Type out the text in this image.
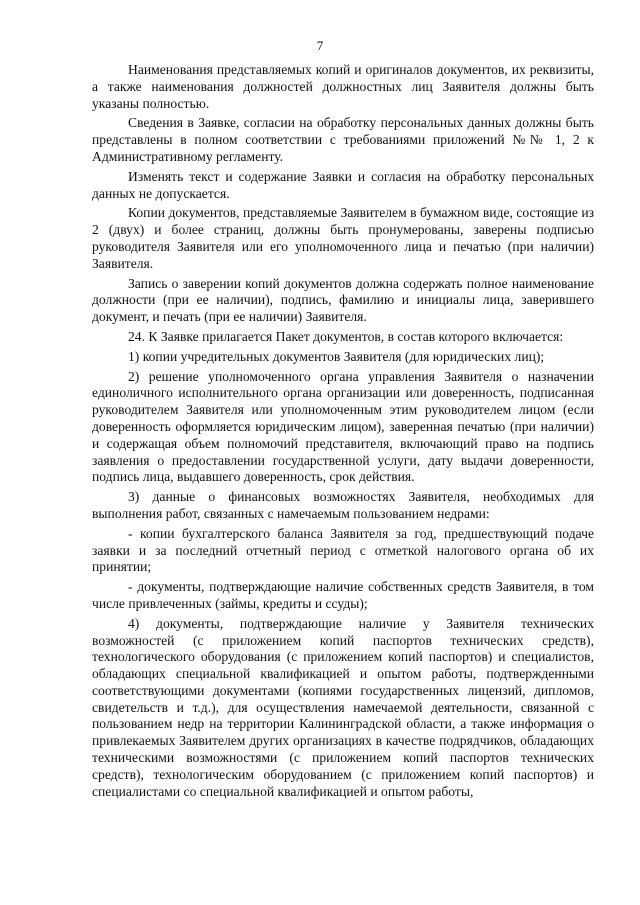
7

Наименования представляемых копий и оригиналов документов, их реквизиты, а также наименования должностей должностных лиц Заявителя должны быть указаны полностью.

Сведения в Заявке, согласии на обработку персональных данных должны быть представлены в полном соответствии с требованиями приложений №№ 1, 2 к Административному регламенту.

Изменять текст и содержание Заявки и согласия на обработку персональных данных не допускается.

Копии документов, представляемые Заявителем в бумажном виде, состоящие из 2 (двух) и более страниц, должны быть пронумерованы, заверены подписью руководителя Заявителя или его уполномоченного лица и печатью (при наличии) Заявителя.

Запись о заверении копий документов должна содержать полное наименование должности (при ее наличии), подпись, фамилию и инициалы лица, заверившего документ, и печать (при ее наличии) Заявителя.

24. К Заявке прилагается Пакет документов, в состав которого включается:

1) копии учредительных документов Заявителя (для юридических лиц);

2) решение уполномоченного органа управления Заявителя о назначении единоличного исполнительного органа организации или доверенность, подписанная руководителем Заявителя или уполномоченным этим руководителем лицом (если доверенность оформляется юридическим лицом), заверенная печатью (при наличии) и содержащая объем полномочий представителя, включающий право на подпись заявления о предоставлении государственной услуги, дату выдачи доверенности, подпись лица, выдавшего доверенность, срок действия.

3) данные о финансовых возможностях Заявителя, необходимых для выполнения работ, связанных с намечаемым пользованием недрами:

- копии бухгалтерского баланса Заявителя за год, предшествующий подаче заявки и за последний отчетный период с отметкой налогового органа об их принятии;

- документы, подтверждающие наличие собственных средств Заявителя, в том числе привлеченных (займы, кредиты и ссуды);

4) документы, подтверждающие наличие у Заявителя технических возможностей (с приложением копий паспортов технических средств), технологического оборудования (с приложением копий паспортов) и специалистов, обладающих специальной квалификацией и опытом работы, подтвержденными соответствующими документами (копиями государственных лицензий, дипломов, свидетельств и т.д.), для осуществления намечаемой деятельности, связанной с пользованием недр на территории Калининградской области, а также информация о привлекаемых Заявителем других организациях в качестве подрядчиков, обладающих техническими возможностями (с приложением копий паспортов технических средств), технологическим оборудованием (с приложением копий паспортов) и специалистами со специальной квалификацией и опытом работы,
